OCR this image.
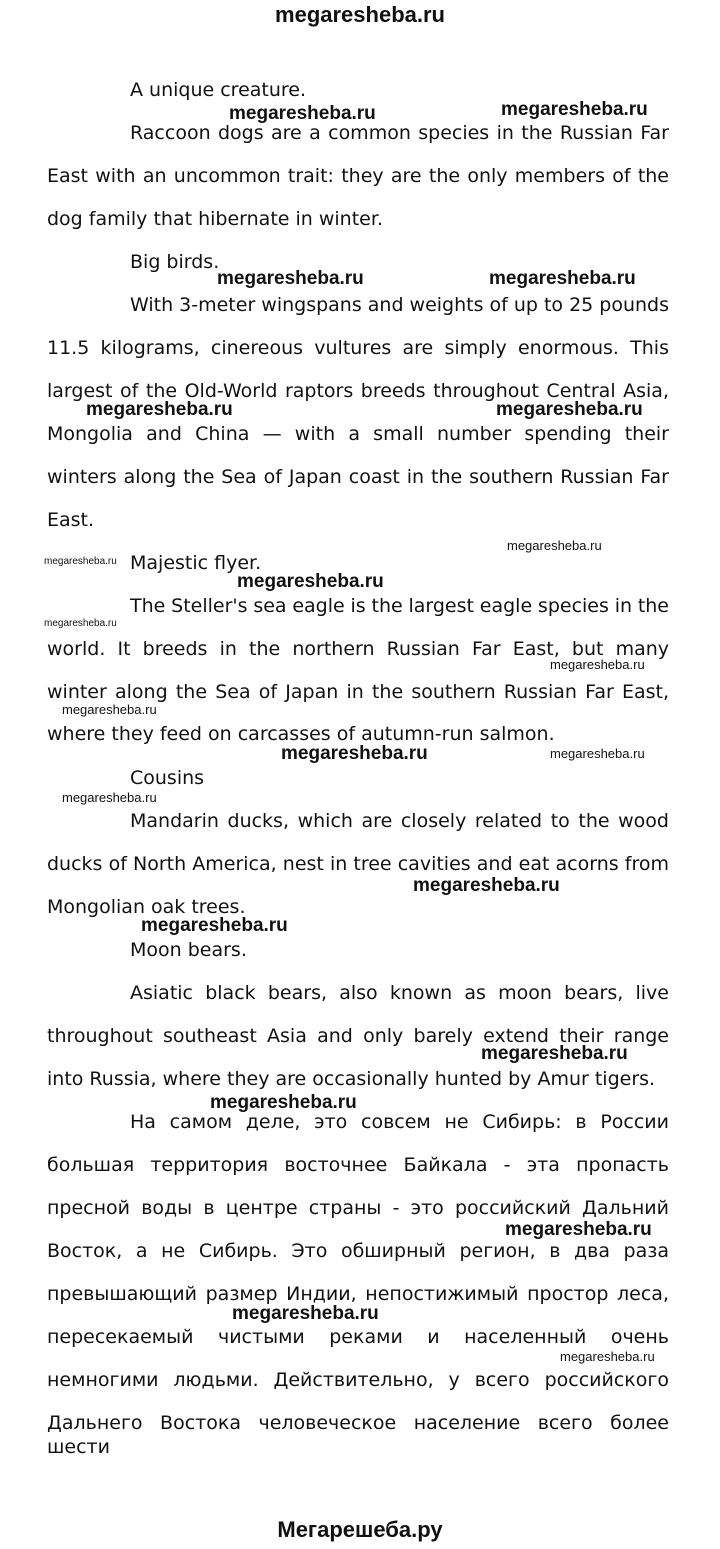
megaresheba.ru
A unique creature.
Raccoon dogs are a common species in the Russian Far
East with an uncommon trait: they are the only members of the
dog family that hibernate in winter.
Big birds.
With 3-meter wingspans and weights of up to 25 pounds
11.5 kilograms, cinereous vultures are simply enormous. This
largest of the Old-World raptors breeds throughout Central Asia,
Mongolia and China — with a small number spending their
winters along the Sea of Japan coast in the southern Russian Far
East.
Majestic flyer.
The Steller's sea eagle is the largest eagle species in the
world. It breeds in the northern Russian Far East, but many
winter along the Sea of Japan in the southern Russian Far East,
where they feed on carcasses of autumn-run salmon.
Cousins
Mandarin ducks, which are closely related to the wood
ducks of North America, nest in tree cavities and eat acorns from
Mongolian oak trees.
Moon bears.
Asiatic black bears, also known as moon bears, live
throughout southeast Asia and only barely extend their range
into Russia, where they are occasionally hunted by Amur tigers.
На самом деле, это совсем не Сибирь: в России
большая территория восточнее Байкала - эта пропасть
пресной воды в центре страны - это российский Дальний
Восток, а не Сибирь. Это обширный регион, в два раза
превышающий размер Индии, непостижимый простор леса,
пересекаемый чистыми реками и населенный очень
немногими людьми. Действительно, у всего российского
Дальнего Востока человеческое население всего более шести
megaresheba.ru	megaresheba.ru
megaresheba.ru	megaresheba.ru
megaresheba.ru	megaresheba.ru
megaresheba.ru
megaresheba.ru
megaresheba.ru
megaresheba.ru
megaresheba.ru
megaresheba.ru
megaresheba.ru	megaresheba.ru
megaresheba.ru
megaresheba.ru
megaresheba.ru
megaresheba.ru
megaresheba.ru
megaresheba.ru
megaresheba.ru
megaresheba.ru
Мегарешеба.ру
